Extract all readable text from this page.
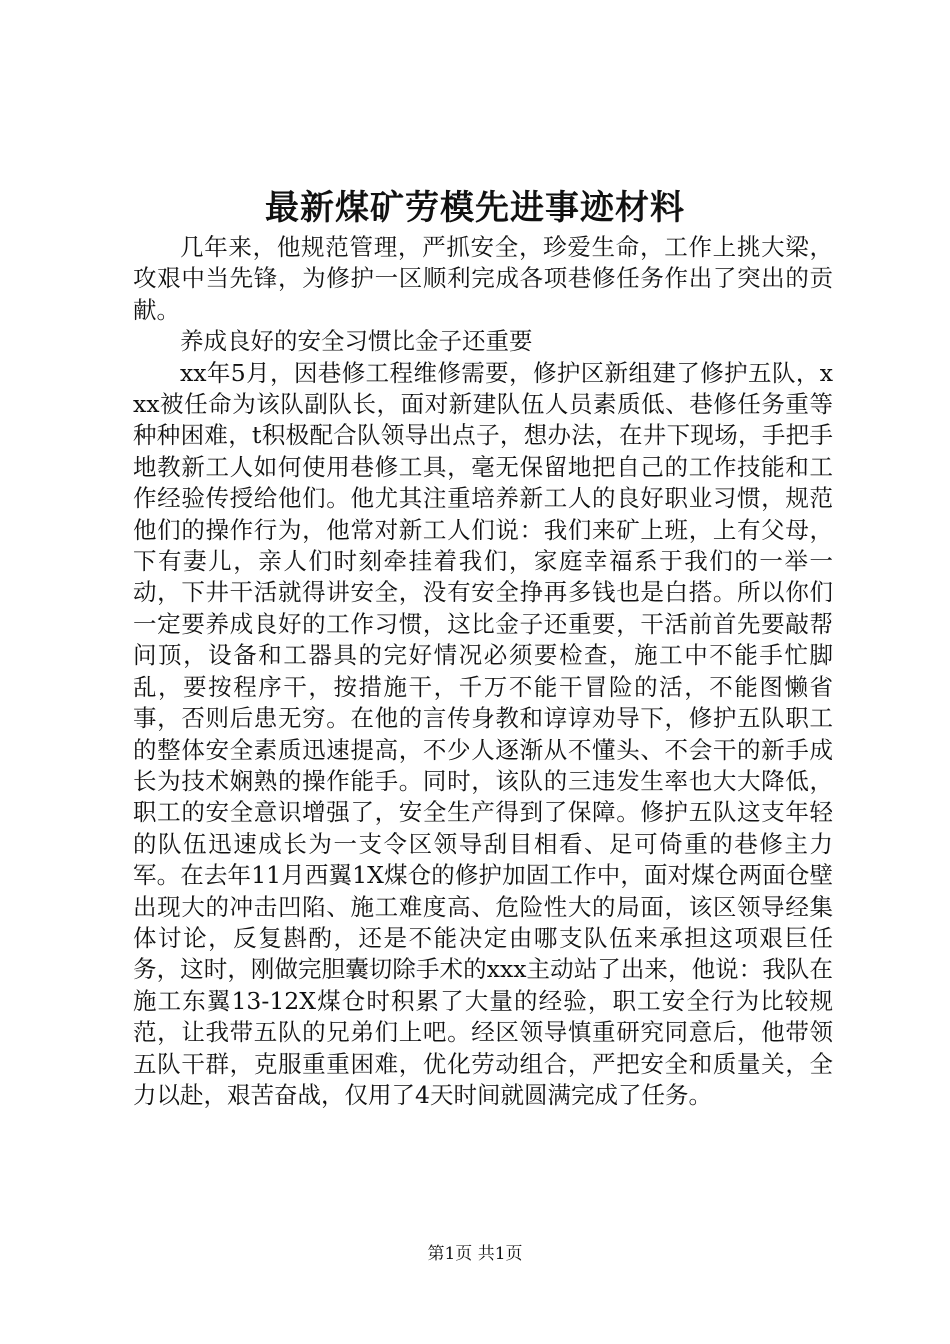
最新煤矿劳模先进事迹材料

几年来，他规范管理，严抓安全，珍爱生命，工作上挑大梁，攻艰中当先锋，为修护一区顺利完成各项巷修任务作出了突出的贡献。

养成良好的安全习惯比金子还重要

xx年5月，因巷修工程维修需要，修护区新组建了修护五队，xxx被任命为该队副队长，面对新建队伍人员素质低、巷修任务重等种种困难，t积极配合队领导出点子，想办法，在井下现场，手把手地教新工人如何使用巷修工具，毫无保留地把自己的工作技能和工作经验传授给他们。他尤其注重培养新工人的良好职业习惯，规范他们的操作行为，他常对新工人们说：我们来矿上班，上有父母，下有妻儿，亲人们时刻牵挂着我们，家庭幸福系于我们的一举一动，下井干活就得讲安全，没有安全挣再多钱也是白搭。所以你们一定要养成良好的工作习惯，这比金子还重要，干活前首先要敲帮问顶，设备和工器具的完好情况必须要检查，施工中不能手忙脚乱，要按程序干，按措施干，千万不能干冒险的活，不能图懒省事，否则后患无穷。在他的言传身教和谆谆劝导下，修护五队职工的整体安全素质迅速提高，不少人逐渐从不懂头、不会干的新手成长为技术娴熟的操作能手。同时，该队的三违发生率也大大降低，职工的安全意识增强了，安全生产得到了保障。修护五队这支年轻的队伍迅速成长为一支令区领导刮目相看、足可倚重的巷修主力军。在去年11月西翼1X煤仓的修护加固工作中，面对煤仓两面仓壁出现大的冲击凹陷、施工难度高、危险性大的局面，该区领导经集体讨论，反复斟酌，还是不能决定由哪支队伍来承担这项艰巨任务，这时，刚做完胆囊切除手术的xxx主动站了出来，他说：我队在施工东翼13-12X煤仓时积累了大量的经验，职工安全行为比较规范，让我带五队的兄弟们上吧。经区领导慎重研究同意后，他带领五队干群，克服重重困难，优化劳动组合，严把安全和质量关，全力以赴，艰苦奋战，仅用了4天时间就圆满完成了任务。

第1页 共1页
